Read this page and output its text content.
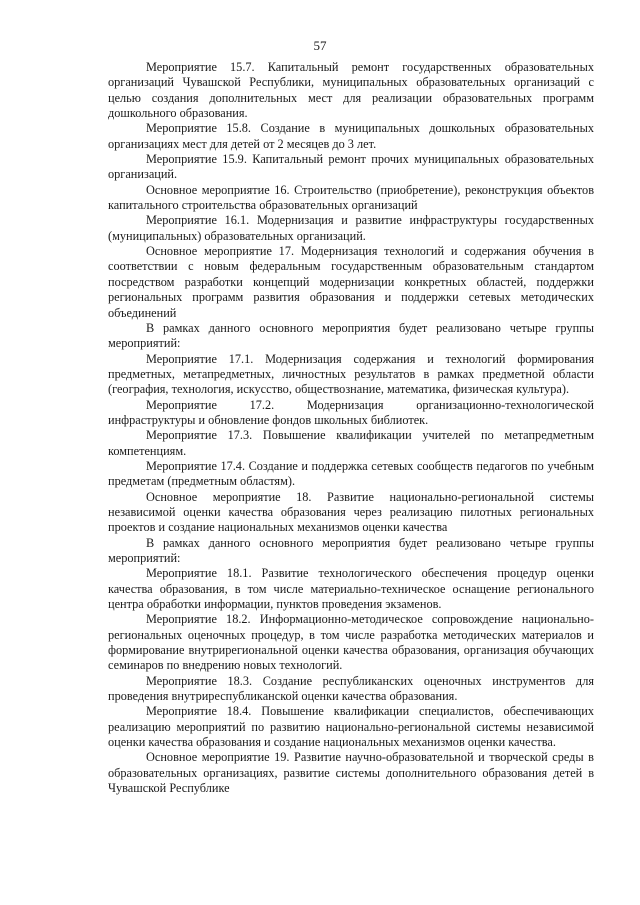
57

Мероприятие 15.7. Капитальный ремонт государственных образовательных организаций Чувашской Республики, муниципальных образовательных организаций с целью создания дополнительных мест для реализации образовательных программ дошкольного образования.

Мероприятие 15.8. Создание в муниципальных дошкольных образовательных организациях мест для детей от 2 месяцев до 3 лет.

Мероприятие 15.9. Капитальный ремонт прочих муниципальных образовательных организаций.

Основное мероприятие 16. Строительство (приобретение), реконструкция объектов капитального строительства образовательных организаций

Мероприятие 16.1. Модернизация и развитие инфраструктуры государственных (муниципальных) образовательных организаций.

Основное мероприятие 17. Модернизация технологий и содержания обучения в соответствии с новым федеральным государственным образовательным стандартом посредством разработки концепций модернизации конкретных областей, поддержки региональных программ развития образования и поддержки сетевых методических объединений

В рамках данного основного мероприятия будет реализовано четыре группы мероприятий:

Мероприятие 17.1. Модернизация содержания и технологий формирования предметных, метапредметных, личностных результатов в рамках предметной области (география, технология, искусство, обществознание, математика, физическая культура).

Мероприятие 17.2. Модернизация организационно-технологической инфраструктуры и обновление фондов школьных библиотек.

Мероприятие 17.3. Повышение квалификации учителей по метапредметным компетенциям.

Мероприятие 17.4. Создание и поддержка сетевых сообществ педагогов по учебным предметам (предметным областям).

Основное мероприятие 18. Развитие национально-региональной системы независимой оценки качества образования через реализацию пилотных региональных проектов и создание национальных механизмов оценки качества

В рамках данного основного мероприятия будет реализовано четыре группы мероприятий:

Мероприятие 18.1. Развитие технологического обеспечения процедур оценки качества образования, в том числе материально-техническое оснащение регионального центра обработки информации, пунктов проведения экзаменов.

Мероприятие 18.2. Информационно-методическое сопровождение национально-региональных оценочных процедур, в том числе разработка методических материалов и формирование внутрирегиональной оценки качества образования, организация обучающих семинаров по внедрению новых технологий.

Мероприятие 18.3. Создание республиканских оценочных инструментов для проведения внутриреспубликанской оценки качества образования.

Мероприятие 18.4. Повышение квалификации специалистов, обеспечивающих реализацию мероприятий по развитию национально-региональной системы независимой оценки качества образования и создание национальных механизмов оценки качества.

Основное мероприятие 19. Развитие научно-образовательной и творческой среды в образовательных организациях, развитие системы дополнительного образования детей в Чувашской Республике
